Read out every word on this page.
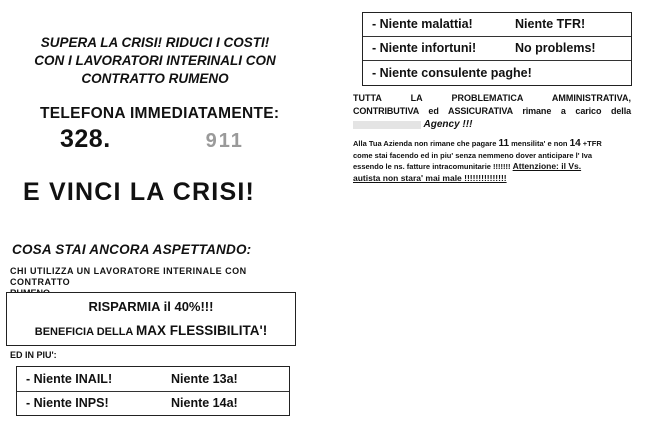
SUPERA LA CRISI! RIDUCI I COSTI!
CON I LAVORATORI INTERINALI CON
CONTRATTO RUMENO
TELEFONA IMMEDIATAMENTE:
328.	911
E VINCI LA CRISI!
COSA STAI ANCORA ASPETTANDO:
CHI UTILIZZA UN LAVORATORE INTERINALE CON CONTRATTO
RISPARMIA il 40%!!!
BENEFICIA DELLA MAX FLESSIBILITA'!
ED IN PIU':
- Niente INAIL!	Niente 13a!
- Niente INPS!	Niente 14a!
- Niente malattia!	Niente TFR!
- Niente infortuni!	No problems!
- Niente consulente paghe!
TUTTA LA PROBLEMATICA AMMINISTRATIVA,
CONTRIBUTIVA ed ASSICURATIVA rimane a carico della
Agency !!!
Alla Tua Azienda non rimane che pagare 11 mensilita' e non 14 +TFR
come stai facendo ed in piu' senza nemmeno dover anticipare l' Iva
essendo le ns. fatture intracomunitarie !!!!!!! Attenzione: il Vs.
autista non stara' mai male !!!!!!!!!!!!!!!
